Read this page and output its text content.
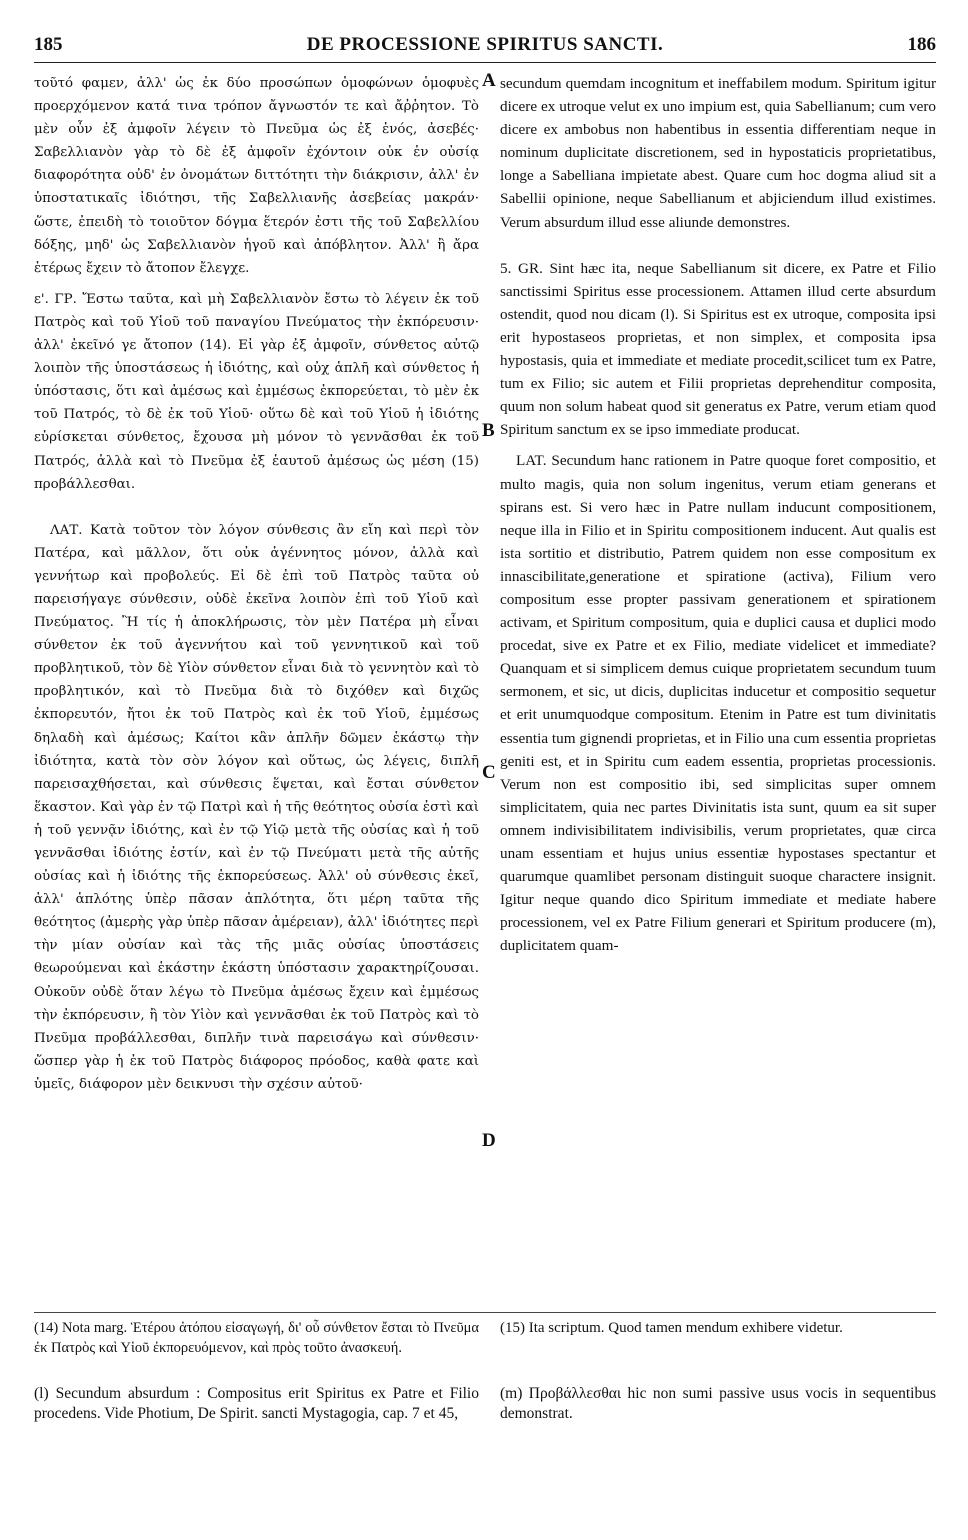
185	DE PROCESSIONE SPIRITUS SANCTI.	186

τοῦτό φαμεν, ἀλλ' ὡς ἐκ δύο προσώπων ὁμοφώνων ὁμοφυὲς προερχόμενον κατά τινα τρόπον ἄγνωστόν τε καὶ ἄῤῥητον. Τὸ μὲν οὖν ἐξ ἀμφοῖν λέγειν τὸ Πνεῦμα ὡς ἐξ ἑνός, ἀσεβές· Σαβελλιανὸν γὰρ τὸ δὲ ἐξ ἀμφοῖν ἐχόντοιν οὐκ ἐν οὐσίᾳ διαφορότητα οὐδ' ἐν ὀνομάτων διττότητι τὴν διάκρισιν, ἀλλ' ἐν ὑποστατικαῖς ἰδιότησι, τῆς Σαβελλιανῆς ἀσεβείας μακράν· ὥστε, ἐπειδὴ τὸ τοιοῦτον δόγμα ἕτερόν ἐστι τῆς τοῦ Σαβελλίου δόξης, μηδ' ὡς Σαβελλιανὸν ἡγοῦ καὶ ἀπόβλητον. Ἀλλ' ἢ ἄρα ἑτέρως ἔχειν τὸ ἄτοπον ἔλεγχε.

ε'. ΓΡ. Ἔστω ταῦτα, καὶ μὴ Σαβελλιανὸν ἔστω τὸ λέγειν ἐκ τοῦ Πατρὸς καὶ τοῦ Υἱοῦ τοῦ παναγίου Πνεύματος τὴν ἐκπόρευσιν· ἀλλ' ἐκεῖνό γε ἄτοπον (14). Εἰ γὰρ ἐξ ἀμφοῖν, σύνθετος αὐτῷ λοιπὸν τῆς ὑποστάσεως ἡ ἰδιότης, καὶ οὐχ ἁπλῆ καὶ σύνθετος ἡ ὑπόστασις, ὅτι καὶ ἀμέσως καὶ ἐμμέσως ἐκπορεύεται, τὸ μὲν ἐκ τοῦ Πατρός, τὸ δὲ ἐκ τοῦ Υἱοῦ· οὕτω δὲ καὶ τοῦ Υἱοῦ ἡ ἰδιότης εὑρίσκεται σύνθετος, ἔχουσα μὴ μόνον τὸ γεννᾶσθαι ἐκ τοῦ Πατρός, ἀλλὰ καὶ τὸ Πνεῦμα ἐξ ἑαυτοῦ ἀμέσως ὡς μέση (15) προβάλλεσθαι.

ΛΑΤ. Κατὰ τοῦτον τὸν λόγον σύνθεσις ἂν εἴη καὶ περὶ τὸν Πατέρα, καὶ μᾶλλον, ὅτι οὐκ ἀγέννητος μόνον, ἀλλὰ καὶ γεννήτωρ καὶ προβολεύς. Εἰ δὲ ἐπὶ τοῦ Πατρὸς ταῦτα οὐ παρεισήγαγε σύνθεσιν, οὐδὲ ἐκεῖνα λοιπὸν ἐπὶ τοῦ Υἱοῦ καὶ Πνεύματος. Ἢ τίς ἡ ἀποκλήρωσις, τὸν μὲν Πατέρα μὴ εἶναι σύνθετον ἐκ τοῦ ἀγεννήτου καὶ τοῦ γεννητικοῦ καὶ τοῦ προβλητικοῦ, τὸν δὲ Υἱὸν σύνθετον εἶναι διὰ τὸ γεννητὸν καὶ τὸ προβλητικόν, καὶ τὸ Πνεῦμα διὰ τὸ διχόθεν καὶ διχῶς ἐκπορευτόν, ἤτοι ἐκ τοῦ Πατρὸς καὶ ἐκ τοῦ Υἱοῦ, ἐμμέσως δηλαδὴ καὶ ἀμέσως; Καίτοι κἂν ἁπλῆν δῶμεν ἑκάστῳ τὴν ἰδιότητα, κατὰ τὸν σὸν λόγον καὶ οὕτως, ὡς λέγεις, διπλῆ παρεισαχθήσεται, καὶ σύνθεσις ἕψεται, καὶ ἔσται σύνθετον ἕκαστον. Καὶ γὰρ ἐν τῷ Πατρὶ καὶ ἡ τῆς θεότητος οὐσία ἐστὶ καὶ ἡ τοῦ γεννᾷν ἰδιότης, καὶ ἐν τῷ Υἱῷ μετὰ τῆς οὐσίας καὶ ἡ τοῦ γεννᾶσθαι ἰδιότης ἐστίν, καὶ ἐν τῷ Πνεύματι μετὰ τῆς αὐτῆς οὐσίας καὶ ἡ ἰδιότης τῆς ἐκπορεύσεως. Ἀλλ' οὐ σύνθεσις ἐκεῖ, ἀλλ' ἁπλότης ὑπὲρ πᾶσαν ἁπλότητα, ὅτι μέρη ταῦτα τῆς θεότητος (ἀμερὴς γὰρ ὑπὲρ πᾶσαν ἀμέρειαν), ἀλλ' ἰδιότητες περὶ τὴν μίαν οὐσίαν καὶ τὰς τῆς μιᾶς οὐσίας ὑποστάσεις θεωρούμεναι καὶ ἑκάστην ἑκάστη ὑπόστασιν χαρακτηρίζουσαι. Οὐκοῦν οὐδὲ ὅταν λέγω τὸ Πνεῦμα ἀμέσως ἔχειν καὶ ἐμμέσως τὴν ἐκπόρευσιν, ἢ τὸν Υἱὸν καὶ γεννᾶσθαι ἐκ τοῦ Πατρὸς καὶ τὸ Πνεῦμα προβάλλεσθαι, διπλῆν τινὰ παρεισάγω καὶ σύνθεσιν· ὥσπερ γὰρ ἡ ἐκ τοῦ Πατρὸς διάφορος πρόοδος, καθὰ φατε καὶ ὑμεῖς, διάφορον μὲν δεικνυσι τὴν σχέσιν αὐτοῦ·

secundum quemdam incognitum et ineffabilem modum. Spiritum igitur dicere ex utroque velut ex uno impium est, quia Sabellianum; cum vero dicere ex ambobus non habentibus in essentia differentiam neque in nominum duplicitate discretionem, sed in hypostaticis proprietatibus, longe a Sabelliana impietate abest. Quare cum hoc dogma aliud sit a Sabellii opinione, neque Sabellianum et abjiciendum illud existimes. Verum absurdum illud esse aliunde demonstres.

5. GR. Sint hæc ita, neque Sabellianum sit dicere, ex Patre et Filio sanctissimi Spiritus esse processionem. Attamen illud certe absurdum ostendit, quod nou dicam (l). Si Spiritus est ex utroque, composita ipsi erit hypostaseos proprietas, et non simplex, et composita ipsa hypostasis, quia et immediate et mediate procedit,scilicet tum ex Patre, tum ex Filio; sic autem et Filii proprietas deprehenditur composita, quum non solum habeat quod sit generatus ex Patre, verum etiam quod Spiritum sanctum ex se ipso immediate producat.

LAT. Secundum hanc rationem in Patre quoque foret compositio, et multo magis, quia non solum ingenitus, verum etiam generans et spirans est. Si vero hæc in Patre nullam inducunt compositionem, neque illa in Filio et in Spiritu compositionem inducent. Aut qualis est ista sortitio et distributio, Patrem quidem non esse compositum ex innascibilitate,generatione et spiratione (activa), Filium vero compositum esse propter passivam generationem et spirationem activam, et Spiritum compositum, quia e duplici causa et duplici modo procedat, sive ex Patre et ex Filio, mediate videlicet et immediate? Quanquam et si simplicem demus cuique proprietatem secundum tuum sermonem, et sic, ut dicis, duplicitas inducetur et compositio sequetur et erit unumquodque compositum. Etenim in Patre est tum divinitatis essentia tum gignendi proprietas, et in Filio una cum essentia proprietas geniti est, et in Spiritu cum eadem essentia, proprietas processionis. Verum non est compositio ibi, sed simplicitas super omnem simplicitatem, quia nec partes Divinitatis ista sunt, quum ea sit super omnem indivisibilitatem indivisibilis, verum proprietates, quæ circa unam essentiam et hujus unius essentiæ hypostases spectantur et quarumque quamlibet personam distinguit suoque charactere insignit. Igitur neque quando dico Spiritum immediate et mediate habere processionem, vel ex Patre Filium generari et Spiritum producere (m), duplicitatem quam-

A
B
C
D

(14) Nota marg. Ἑτέρου ἀτόπου εἰσαγωγή, δι' οὗ σύνθετον ἔσται τὸ Πνεῦμα ἐκ Πατρὸς καὶ Υἱοῦ ἐκπορευόμενον, καὶ πρὸς τοῦτο ἀνασκευή.

(15) Ita scriptum. Quod tamen mendum exhibere videtur.

(l) Secundum absurdum : Compositus erit Spiritus ex Patre et Filio procedens. Vide Photium, De Spirit. sancti Mystagogia, cap. 7 et 45,

(m) Προβάλλεσθαι hic non sumi passive usus vocis in sequentibus demonstrat.
